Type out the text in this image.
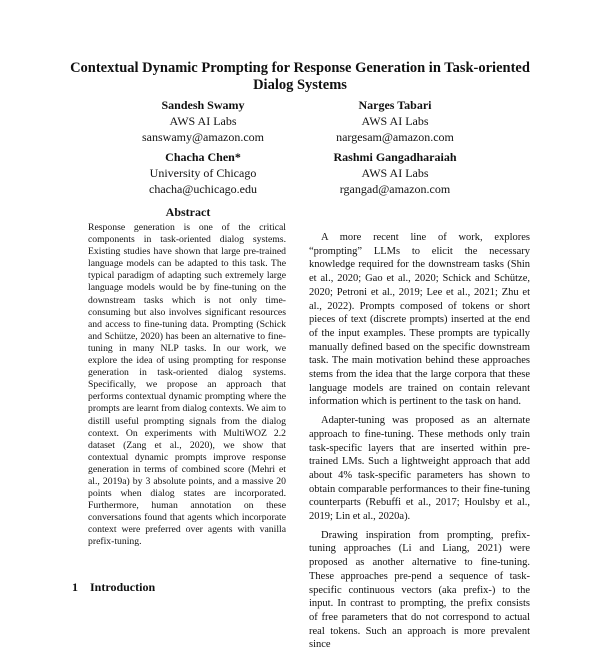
Contextual Dynamic Prompting for Response Generation in Task-oriented Dialog Systems
Sandesh Swamy
AWS AI Labs
sanswamy@amazon.com
Narges Tabari
AWS AI Labs
nargesam@amazon.com
Chacha Chen*
University of Chicago
chacha@uchicago.edu
Rashmi Gangadharaiah
AWS AI Labs
rgangad@amazon.com
Abstract
Response generation is one of the critical components in task-oriented dialog systems. Existing studies have shown that large pre-trained language models can be adapted to this task. The typical paradigm of adapting such extremely large language models would be by fine-tuning on the downstream tasks which is not only time-consuming but also involves significant resources and access to fine-tuning data. Prompting (Schick and Schütze, 2020) has been an alternative to fine-tuning in many NLP tasks. In our work, we explore the idea of using prompting for response generation in task-oriented dialog systems. Specifically, we propose an approach that performs contextual dynamic prompting where the prompts are learnt from dialog contexts. We aim to distill useful prompting signals from the dialog context. On experiments with MultiWOZ 2.2 dataset (Zang et al., 2020), we show that contextual dynamic prompts improve response generation in terms of combined score (Mehri et al., 2019a) by 3 absolute points, and a massive 20 points when dialog states are incorporated. Furthermore, human annotation on these conversations found that agents which incorporate context were preferred over agents with vanilla prefix-tuning.
1 Introduction

A more recent line of work, explores “prompting” LLMs to elicit the necessary knowledge required for the downstream tasks (Shin et al., 2020; Gao et al., 2020; Schick and Schütze, 2020; Petroni et al., 2019; Lee et al., 2021; Zhu et al., 2022). Prompts composed of tokens or short pieces of text (discrete prompts) inserted at the end of the input examples. These prompts are typically manually defined based on the specific downstream task. The main motivation behind these approaches stems from the idea that the large corpora that these language models are trained on contain relevant information which is pertinent to the task on hand.

Adapter-tuning was proposed as an alternate approach to fine-tuning. These methods only train task-specific layers that are inserted within pre-trained LMs. Such a lightweight approach that add about 4% task-specific parameters has shown to obtain comparable performances to their fine-tuning counterparts (Rebuffi et al., 2017; Houlsby et al., 2019; Lin et al., 2020a).

Drawing inspiration from prompting, prefix-tuning approaches (Li and Liang, 2021) were proposed as another alternative to fine-tuning. These approaches pre-pend a sequence of task-specific continuous vectors (aka prefix-) to the input. In contrast to prompting, the prefix consists of free parameters that do not correspond to actual real tokens. Such an approach is more prevalent since
